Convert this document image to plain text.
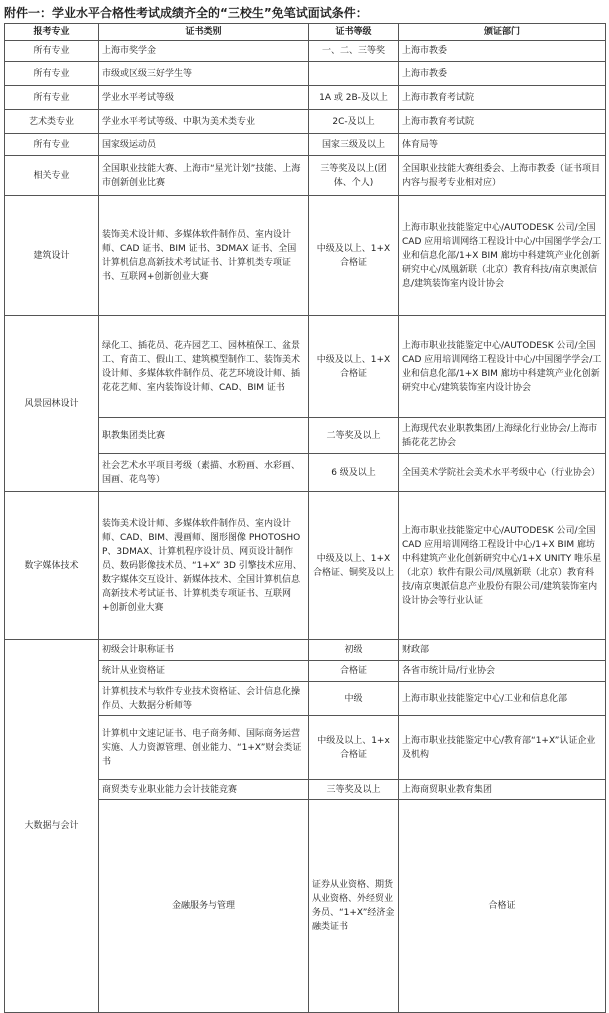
附件一：学业水平合格性考试成绩齐全的“三校生”免笔试面试条件：
报考专业	证书类别	证书等级	颁证部门	
所有专业	上海市奖学金	一、二、三等奖	上海市教委	
所有专业	市级或区级三好学生等		上海市教委	
所有专业	学业水平考试等级	1A 或 2B-及以上	上海市教育考试院	
艺术类专业	学业水平考试等级、中职为美术类专业	2C-及以上	上海市教育考试院	
所有专业	国家级运动员	国家三级及以上	体育局等	
相关专业	全国职业技能大赛、上海市“星光计划”技能、上海市创新创业比赛	三等奖及以上(团体、个人)	全国职业技能大赛组委会、上海市教委（证书项目内容与报考专业相对应）	
建筑设计	装饰美术设计师、多媒体软件制作员、室内设计师、CAD 证书、BIM 证书、3DMAX 证书、全国计算机信息高新技术考试证书、计算机类专项证书、互联网+创新创业大赛	中级及以上、1+X 合格证	上海市职业技能鉴定中心/AUTODESK 公司/全国 CAD 应用培训网络工程设计中心/中国图学学会/工业和信息化部/1+X BIM 廊坊中科建筑产业化创新研究中心/凤凰新联（北京）教育科技/南京奥派信息/建筑装饰室内设计协会	
风景园林设计	绿化工、插花员、花卉园艺工、园林植保工、盆景工、育苗工、假山工、建筑模型制作工、装饰美术设计师、多媒体软件制作员、花艺环境设计师、插花花艺师、室内装饰设计师、CAD、BIM 证书	中级及以上、1+X 合格证	上海市职业技能鉴定中心/AUTODESK 公司/全国 CAD 应用培训网络工程设计中心/中国图学学会/工业和信息化部/1+X BIM 廊坊中科建筑产业化创新研究中心/建筑装饰室内设计协会	
	职教集团类比赛	二等奖及以上	上海现代农业职教集团/上海绿化行业协会/上海市插花花艺协会	
	社会艺术水平项目考级（素描、水粉画、水彩画、国画、花鸟等）	6 级及以上	全国美术学院社会美术水平考级中心（行业协会）	
数字媒体技术	装饰美术设计师、多媒体软件制作员、室内设计师、CAD、BIM、漫画师、图形图像 PHOTOSHOP、3DMAX、计算机程序设计员、网页设计制作员、数码影像技术员、“1+X” 3D 引擎技术应用、数字媒体交互设计、新媒体技术、全国计算机信息高新技术考试证书、计算机类专项证书、互联网+创新创业大赛	中级及以上、1+X 合格证、铜奖及以上	上海市职业技能鉴定中心/AUTODESK 公司/全国 CAD 应用培训网络工程设计中心/1+X BIM 廊坊中科建筑产业化创新研究中心/1+X UNITY 唯乐星（北京）软件有限公司/凤凰新联（北京）教育科技/南京奥派信息产业股份有限公司/建筑装饰室内设计协会等行业认证	
大数据与会计	初级会计职称证书	初级	财政部	
	统计从业资格证	合格证	各省市统计局/行业协会	
	计算机技术与软件专业技术资格证、会计信息化操作员、大数据分析师等	中级	上海市职业技能鉴定中心/工业和信息化部	
	计算机中文速记证书、电子商务师、国际商务运营实施、人力资源管理、创业能力、“1+X”财会类证书	中级及以上、1+x 合格证	上海市职业技能鉴定中心/教育部“1+X”认证企业及机构	
	商贸类专业职业能力会计技能竞赛	三等奖及以上	上海商贸职业教育集团	
	金融服务与管理	证券从业资格、期货从业资格、外经贸业务员、“1+X”经济金融类证书	合格证	
